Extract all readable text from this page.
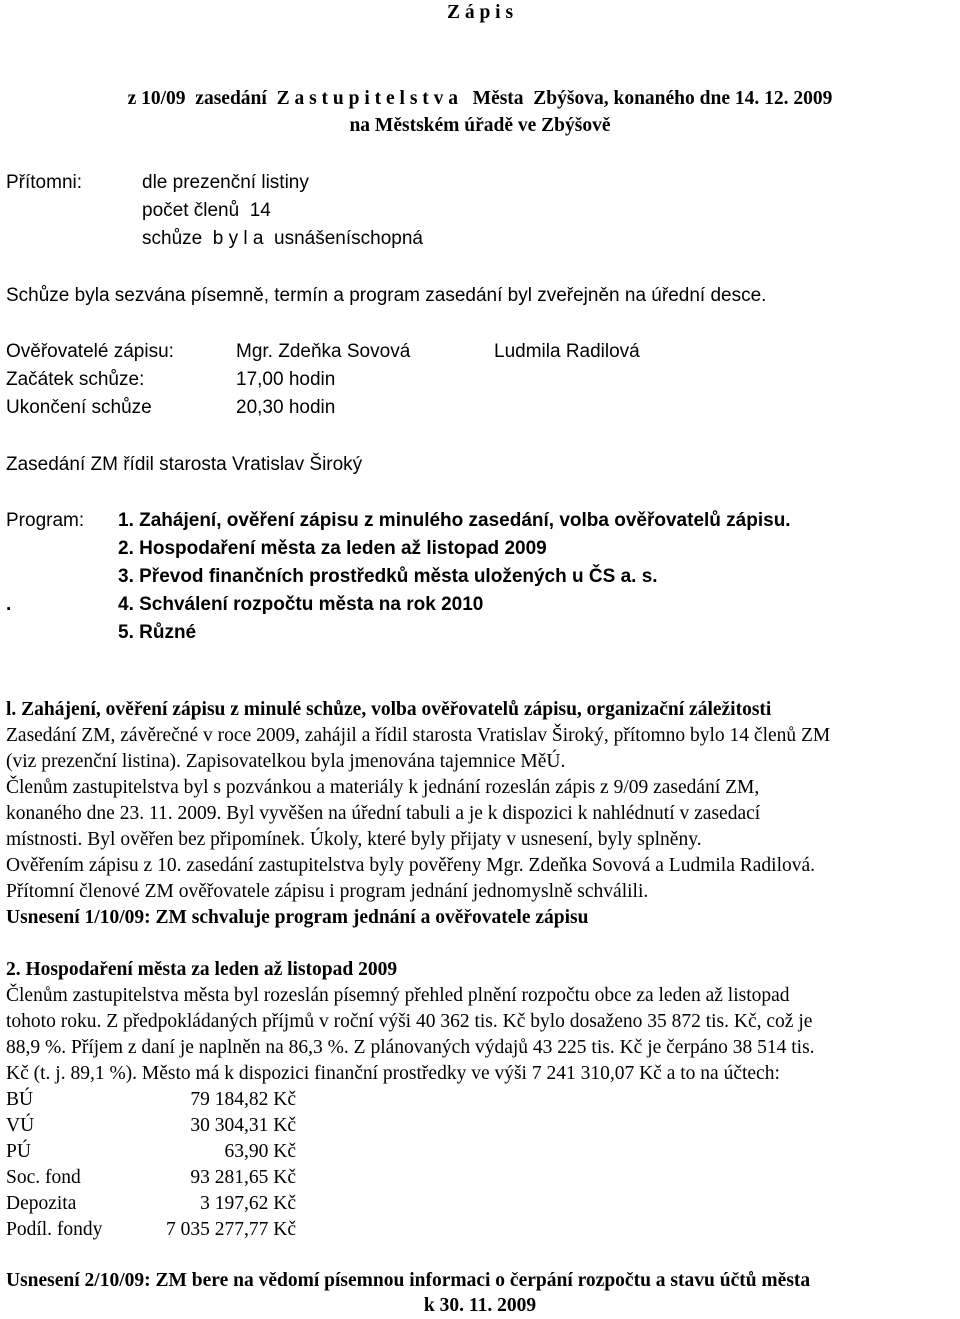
Z á p i s
z 10/09  zasedání  Z a s t u p i t e l s t v a   Města  Zbýšova, konaného dne 14. 12. 2009
na Městském úřadě ve Zbýšově
Přítomni:	dle prezenční listiny
počet členů  14
schůze  b y l a  usnášeníschopná
Schůze byla sezvána písemně, termín a program zasedání byl zveřejněn na úřední desce.
Ověřovatelé zápisu:	Mgr. Zdeňka Sovová	Ludmila Radilová
Začátek schůze:	17,00 hodin
Ukončení schůze	20,30 hodin
Zasedání ZM řídil starosta Vratislav Široký
Program: 1. Zahájení, ověření zápisu z minulého zasedání, volba ověřovatelů zápisu.
2. Hospodaření města za leden až listopad 2009
3. Převod finančních prostředků města uložených u ČS a. s.
.	4. Schválení rozpočtu města na rok 2010
5. Různé
l. Zahájení, ověření zápisu z minulé schůze, volba ověřovatelů zápisu, organizační záležitosti
Zasedání ZM, závěrečné v roce 2009, zahájil a řídil starosta Vratislav Široký, přítomno bylo 14 členů ZM
(viz prezenční listina). Zapisovatelkou byla jmenována tajemnice MěÚ.
Členům zastupitelstva byl s pozvánkou a materiály k jednání rozeslán zápis z 9/09 zasedání ZM,
konaného dne 23. 11. 2009. Byl vyvěšen na úřední tabuli a je k dispozici k nahlédnutí v zasedací
místnosti. Byl ověřen bez připomínek. Úkoly, které byly přijaty v usnesení, byly splněny.
Ověřením zápisu z 10. zasedání zastupitelstva byly pověřeny Mgr. Zdeňka Sovová a Ludmila Radilová.
Přítomní členové ZM ověřovatele zápisu i program jednání jednomyslně schválili.
Usnesení 1/10/09: ZM schvaluje program jednání a ověřovatele zápisu
2. Hospodaření města za leden až listopad 2009
Členům zastupitelstva města byl rozeslán písemný přehled plnění rozpočtu obce za leden až listopad
tohoto roku. Z předpokládaných příjmů v roční výši 40 362 tis. Kč bylo dosaženo 35 872 tis. Kč, což je
88,9 %. Příjem z daní je naplněn na 86,3 %. Z plánovaných výdajů 43 225 tis. Kč je čerpáno 38 514 tis.
Kč (t. j. 89,1 %). Město má k dispozici finanční prostředky ve výši 7 241 310,07 Kč a to na účtech:
BÚ	79 184,82 Kč
VÚ	30 304,31 Kč
PÚ	63,90 Kč
Soc. fond	93 281,65 Kč
Depozita	3 197,62 Kč
Podíl. fondy	7 035 277,77 Kč
Usnesení 2/10/09: ZM bere na vědomí písemnou informaci o čerpání rozpočtu a stavu účtů města
k 30. 11. 2009
